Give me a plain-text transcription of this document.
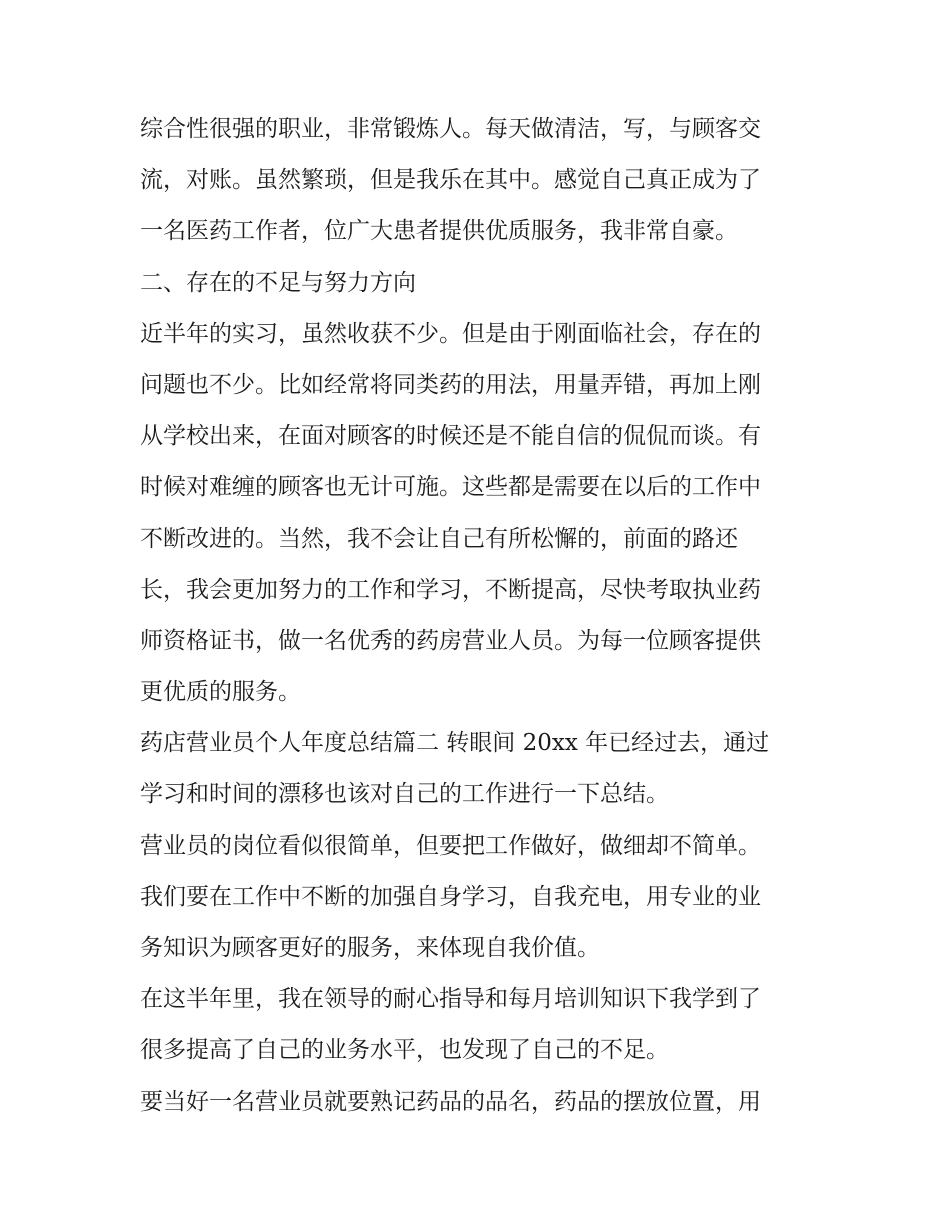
综合性很强的职业，非常锻炼人。每天做清洁，写，与顾客交
流，对账。虽然繁琐，但是我乐在其中。感觉自己真正成为了
一名医药工作者，位广大患者提供优质服务，我非常自豪。
二、存在的不足与努力方向
近半年的实习，虽然收获不少。但是由于刚面临社会，存在的
问题也不少。比如经常将同类药的用法，用量弄错，再加上刚
从学校出来，在面对顾客的时候还是不能自信的侃侃而谈。有
时候对难缠的顾客也无计可施。这些都是需要在以后的工作中
不断改进的。当然，我不会让自己有所松懈的，前面的路还
长，我会更加努力的工作和学习，不断提高，尽快考取执业药
师资格证书，做一名优秀的药房营业人员。为每一位顾客提供
更优质的服务。
药店营业员个人年度总结篇二 转眼间 20xx 年已经过去，通过
学习和时间的漂移也该对自己的工作进行一下总结。
营业员的岗位看似很简单，但要把工作做好，做细却不简单。
我们要在工作中不断的加强自身学习，自我充电，用专业的业
务知识为顾客更好的服务，来体现自我价值。
在这半年里，我在领导的耐心指导和每月培训知识下我学到了
很多提高了自己的业务水平，也发现了自己的不足。
要当好一名营业员就要熟记药品的品名，药品的摆放位置，用
